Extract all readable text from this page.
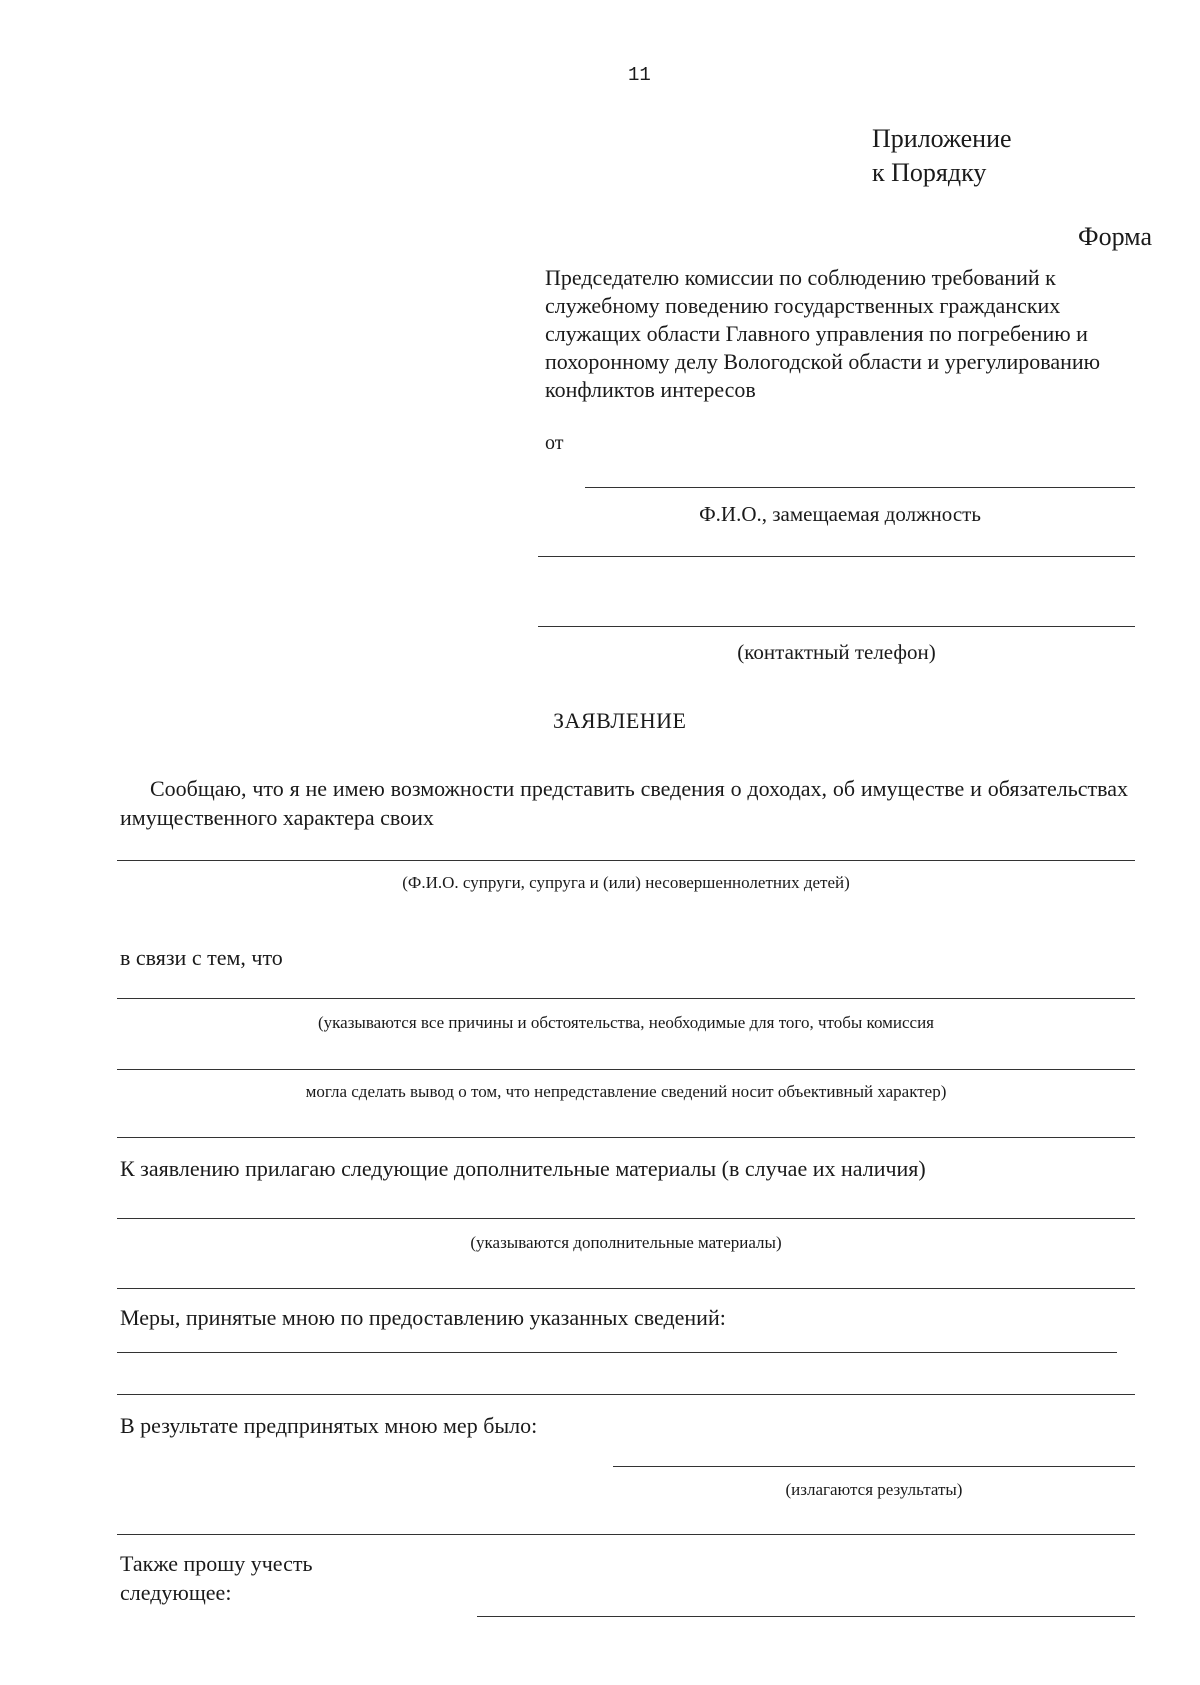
11
Приложение
к Порядку
Форма
Председателю комиссии по соблюдению требований к служебному поведению государственных гражданских служащих области Главного управления по погребению и похоронному делу Вологодской области и урегулированию конфликтов интересов
от
Ф.И.О., замещаемая должность
(контактный телефон)
ЗАЯВЛЕНИЕ
Сообщаю, что я не имею возможности представить сведения о доходах, об имуществе и обязательствах имущественного характера своих
(Ф.И.О. супруги, супруга и (или) несовершеннолетних детей)
в связи с тем, что
(указываются все причины и обстоятельства, необходимые для того, чтобы комиссия
могла сделать вывод о том, что непредставление сведений носит объективный характер)
К заявлению прилагаю следующие дополнительные материалы (в случае их наличия)
(указываются дополнительные материалы)
Меры, принятые мною по предоставлению указанных сведений:
В результате предпринятых мною мер было:
(излагаются результаты)
Также прошу учесть
следующее:
